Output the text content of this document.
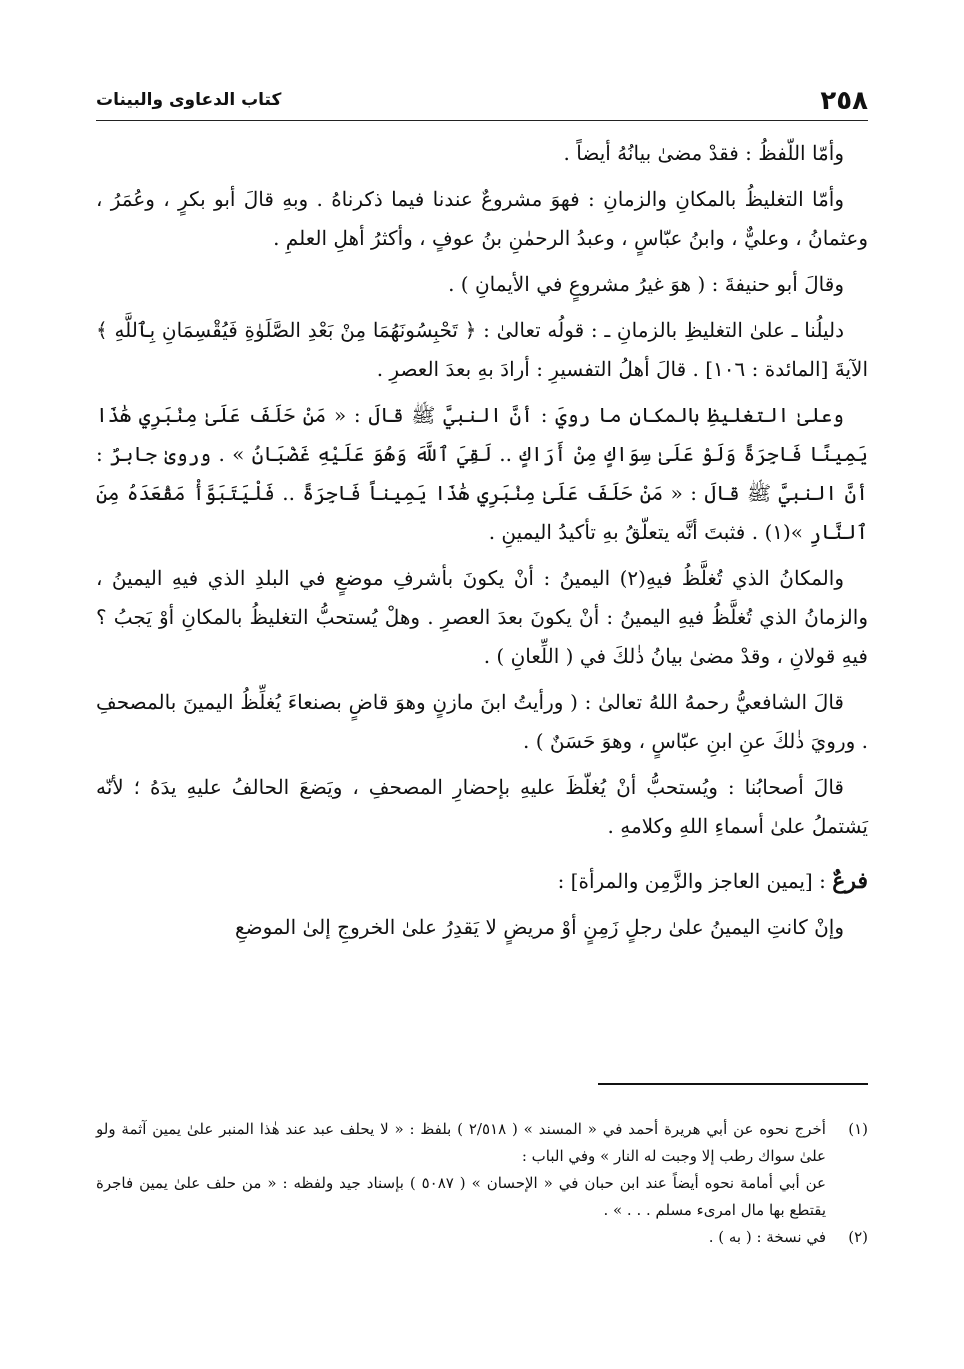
٢٥٨
كتاب الدعاوى والبينات

وأمّا اللّفظُ : فقدْ مضىٰ بيانُهُ أيضاً .

وأمّا التغليظُ بالمكانِ والزمانِ : فهوَ مشروعٌ عندنا فيما ذكرناهُ . وبهِ قالَ أبو بكرٍ ، وعُمَرُ ، وعثمانُ ، وعليٌّ ، وابنُ عبّاسٍ ، وعبدُ الرحمٰنِ بنُ عوفٍ ، وأكثرُ أهلِ العلمِ .

وقالَ أبو حنيفةَ : ( هوَ غيرُ مشروعٍ في الأيمانِ ) .

دليلُنا ـ علىٰ التغليظِ بالزمانِ ـ : قولُه تعالىٰ : ﴿ تَحْبِسُونَهُمَا مِنْ بَعْدِ الصَّلَوٰةِ فَيُقْسِمَانِ بِٱللَّهِ ﴾ الآيةَ [المائدة : ١٠٦] . قالَ أهلُ التفسيرِ : أرادَ بهِ بعدَ العصرِ .

وعلىٰ التغليظِ بالمكانِ ما رويَ : أنَّ النبيَّ ﷺ قالَ : « مَنْ حَلَفَ عَلَىٰ مِنْبَرِي هَٰذَا يَمِينًا فَاجِرَةً وَلَوْ عَلَىٰ سِوَاكٍ مِنْ أَرَاكٍ .. لَقِيَ ٱللَّهَ وَهُوَ عَلَيْهِ غَضْبَانُ » . وروىٰ جابرٌ : أنَّ النبيَّ ﷺ قالَ : « مَنْ حَلَفَ عَلَىٰ مِنْبَرِي هَٰذَا يَمِيناً فَاجِرَةً .. فَلْيَتَبَوَّأْ مَقْعَدَهُ مِنَ ٱلنَّارِ »(١) . فثبتَ أنَّه يتعلّقُ بهِ تأكيدُ اليمينِ .

والمكانُ الذي تُغلَّظُ فيهِ(٢) اليمينُ : أنْ يكونَ بأشرفِ موضعٍ في البلدِ الذي فيهِ اليمينُ ، والزمانُ الذي تُغلَّظُ فيهِ اليمينُ : أنْ يكونَ بعدَ العصرِ . وهلْ يُستحبُّ التغليظُ بالمكانِ أوْ يَجبُ ؟ فيهِ قولانِ ، وقدْ مضىٰ بيانُ ذٰلكَ في ( اللِّعانِ ) .

قالَ الشافعيُّ رحمهُ اللهُ تعالىٰ : ( ورأيتُ ابنَ مازنٍ وهوَ قاضٍ بصنعاءَ يُغلِّظُ اليمينَ بالمصحفِ . ورويَ ذٰلكَ عنِ ابنِ عبّاسٍ ، وهوَ حَسَنٌ ) .

قالَ أصحابُنا : ويُستحبُّ أنْ يُغلّظَ عليهِ بإحضارِ المصحفِ ، ويَضعَ الحالفُ عليهِ يدَهُ ؛ لأنّه يَشتملُ علىٰ أسماءِ اللهِ وكلامهِ .

فرعٌ : [يمين العاجز والزَّمِن والمرأة] :

وإنْ كانتِ اليمينُ علىٰ رجلٍ زَمِنٍ أوْ مريضٍ لا يَقدِرُ علىٰ الخروجِ إلىٰ الموضعِ

(١)

أخرج نحوه عن أبي هريرة أحمد في « المسند » ( ٢/٥١٨ ) بلفظ : « لا يحلف عبد عند هٰذا المنبر علىٰ يمين آثمة ولو علىٰ سواك رطب إلا وجبت له النار » وفي الباب :

عن أبي أمامة نحوه أيضاً عند ابن حبان في « الإحسان » ( ٥٠٨٧ ) بإسناد جيد ولفظه : « من حلف علىٰ يمين فاجرة يقتطع بها مال امرىء مسلم . . . » .

(٢)

في نسخة : ( به ) .
